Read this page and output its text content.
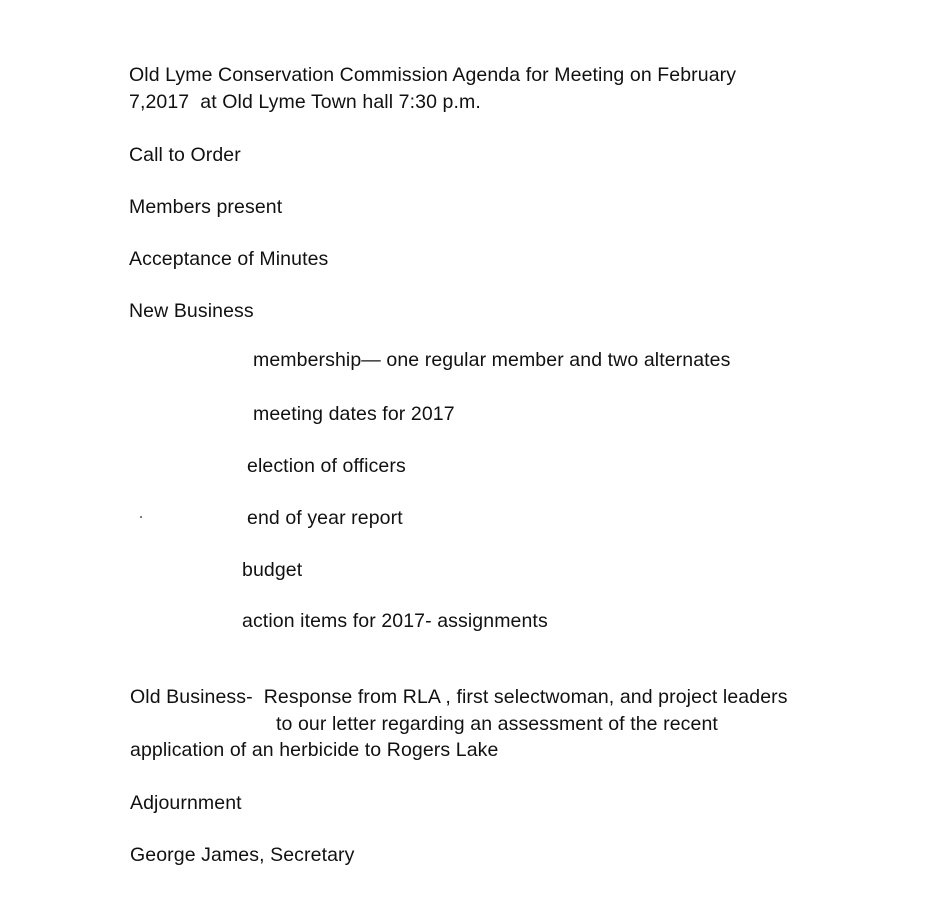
Old Lyme Conservation Commission Agenda for Meeting on February
7,2017  at Old Lyme Town hall 7:30 p.m.
Call to Order
Members present
Acceptance of Minutes
New Business
membership— one regular member and two alternates
meeting dates for 2017
election of officers
end of year report
budget
action items for 2017- assignments
Old Business-  Response from RLA , first selectwoman, and project leaders
to our letter regarding an assessment of the recent
application of an herbicide to Rogers Lake
Adjournment
George James, Secretary
